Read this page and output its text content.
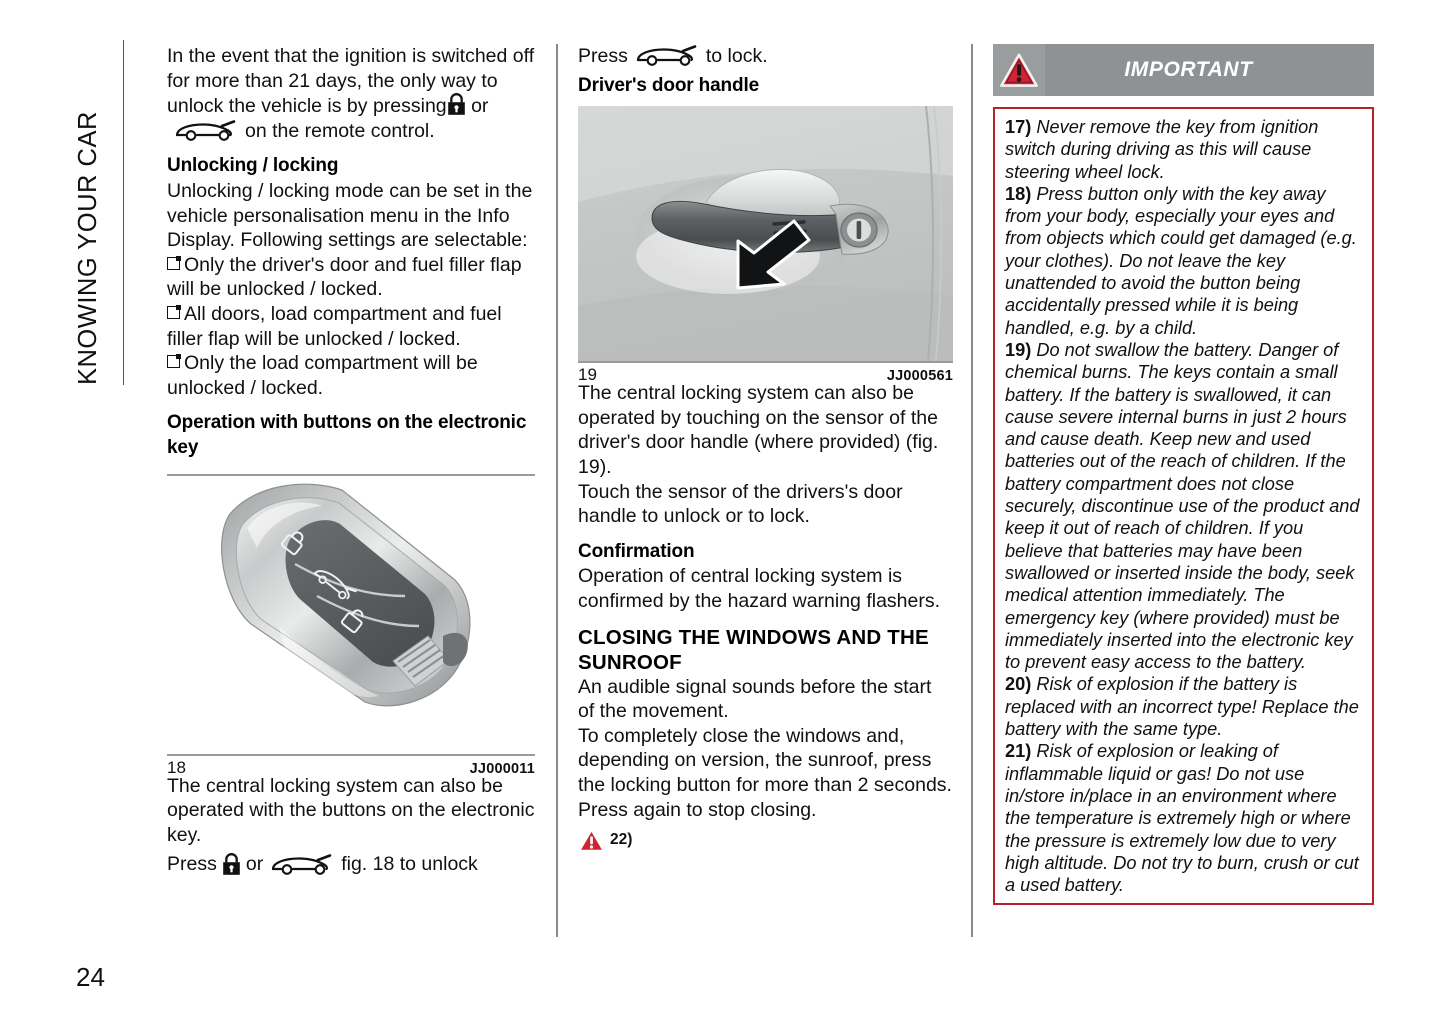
KNOWING YOUR CAR

In the event that the ignition is switched off for more than 21 days, the only way to unlock the vehicle is by pressing or

on the remote control.
Unlocking / locking

Unlocking / locking mode can be set in the vehicle personalisation menu in the Info Display. Following settings are selectable:

Only the driver's door and fuel filler flap will be unlocked / locked.
All doors, load compartment and fuel filler flap will be unlocked / locked.
Only the load compartment will be unlocked / locked.
Operation with buttons on the electronic key
18	JJ000011

The central locking system can also be operated with the buttons on the electronic key.

Press or	fig. 18 to unlock
Press	to lock.
Driver's door handle
19	JJ000561

The central locking system can also be operated by touching on the sensor of the driver's door handle (where provided) (fig. 19).

Touch the sensor of the drivers's door handle to unlock or to lock.

Confirmation

Operation of central locking system is confirmed by the hazard warning flashers.

CLOSING THE WINDOWS AND THE SUNROOF

An audible signal sounds before the start of the movement.

To completely close the windows and, depending on version, the sunroof, press the locking button for more than 2 seconds.

Press again to stop closing.

22)
IMPORTANT

17) Never remove the key from ignition switch during driving as this will cause steering wheel lock.

18) Press button only with the key away from your body, especially your eyes and from objects which could get damaged (e.g. your clothes). Do not leave the key unattended to avoid the button being accidentally pressed while it is being handled, e.g. by a child.

19) Do not swallow the battery. Danger of chemical burns. The keys contain a small battery. If the battery is swallowed, it can cause severe internal burns in just 2 hours and cause death. Keep new and used batteries out of the reach of children. If the battery compartment does not close securely, discontinue use of the product and keep it out of reach of children. If you believe that batteries may have been swallowed or inserted inside the body, seek medical attention immediately. The emergency key (where provided) must be immediately inserted into the electronic key to prevent easy access to the battery.

20) Risk of explosion if the battery is replaced with an incorrect type! Replace the battery with the same type.

21) Risk of explosion or leaking of inflammable liquid or gas! Do not use in/store in/place in an environment where the temperature is extremely high or where the pressure is extremely low due to very high altitude. Do not try to burn, crush or cut a used battery.

24
